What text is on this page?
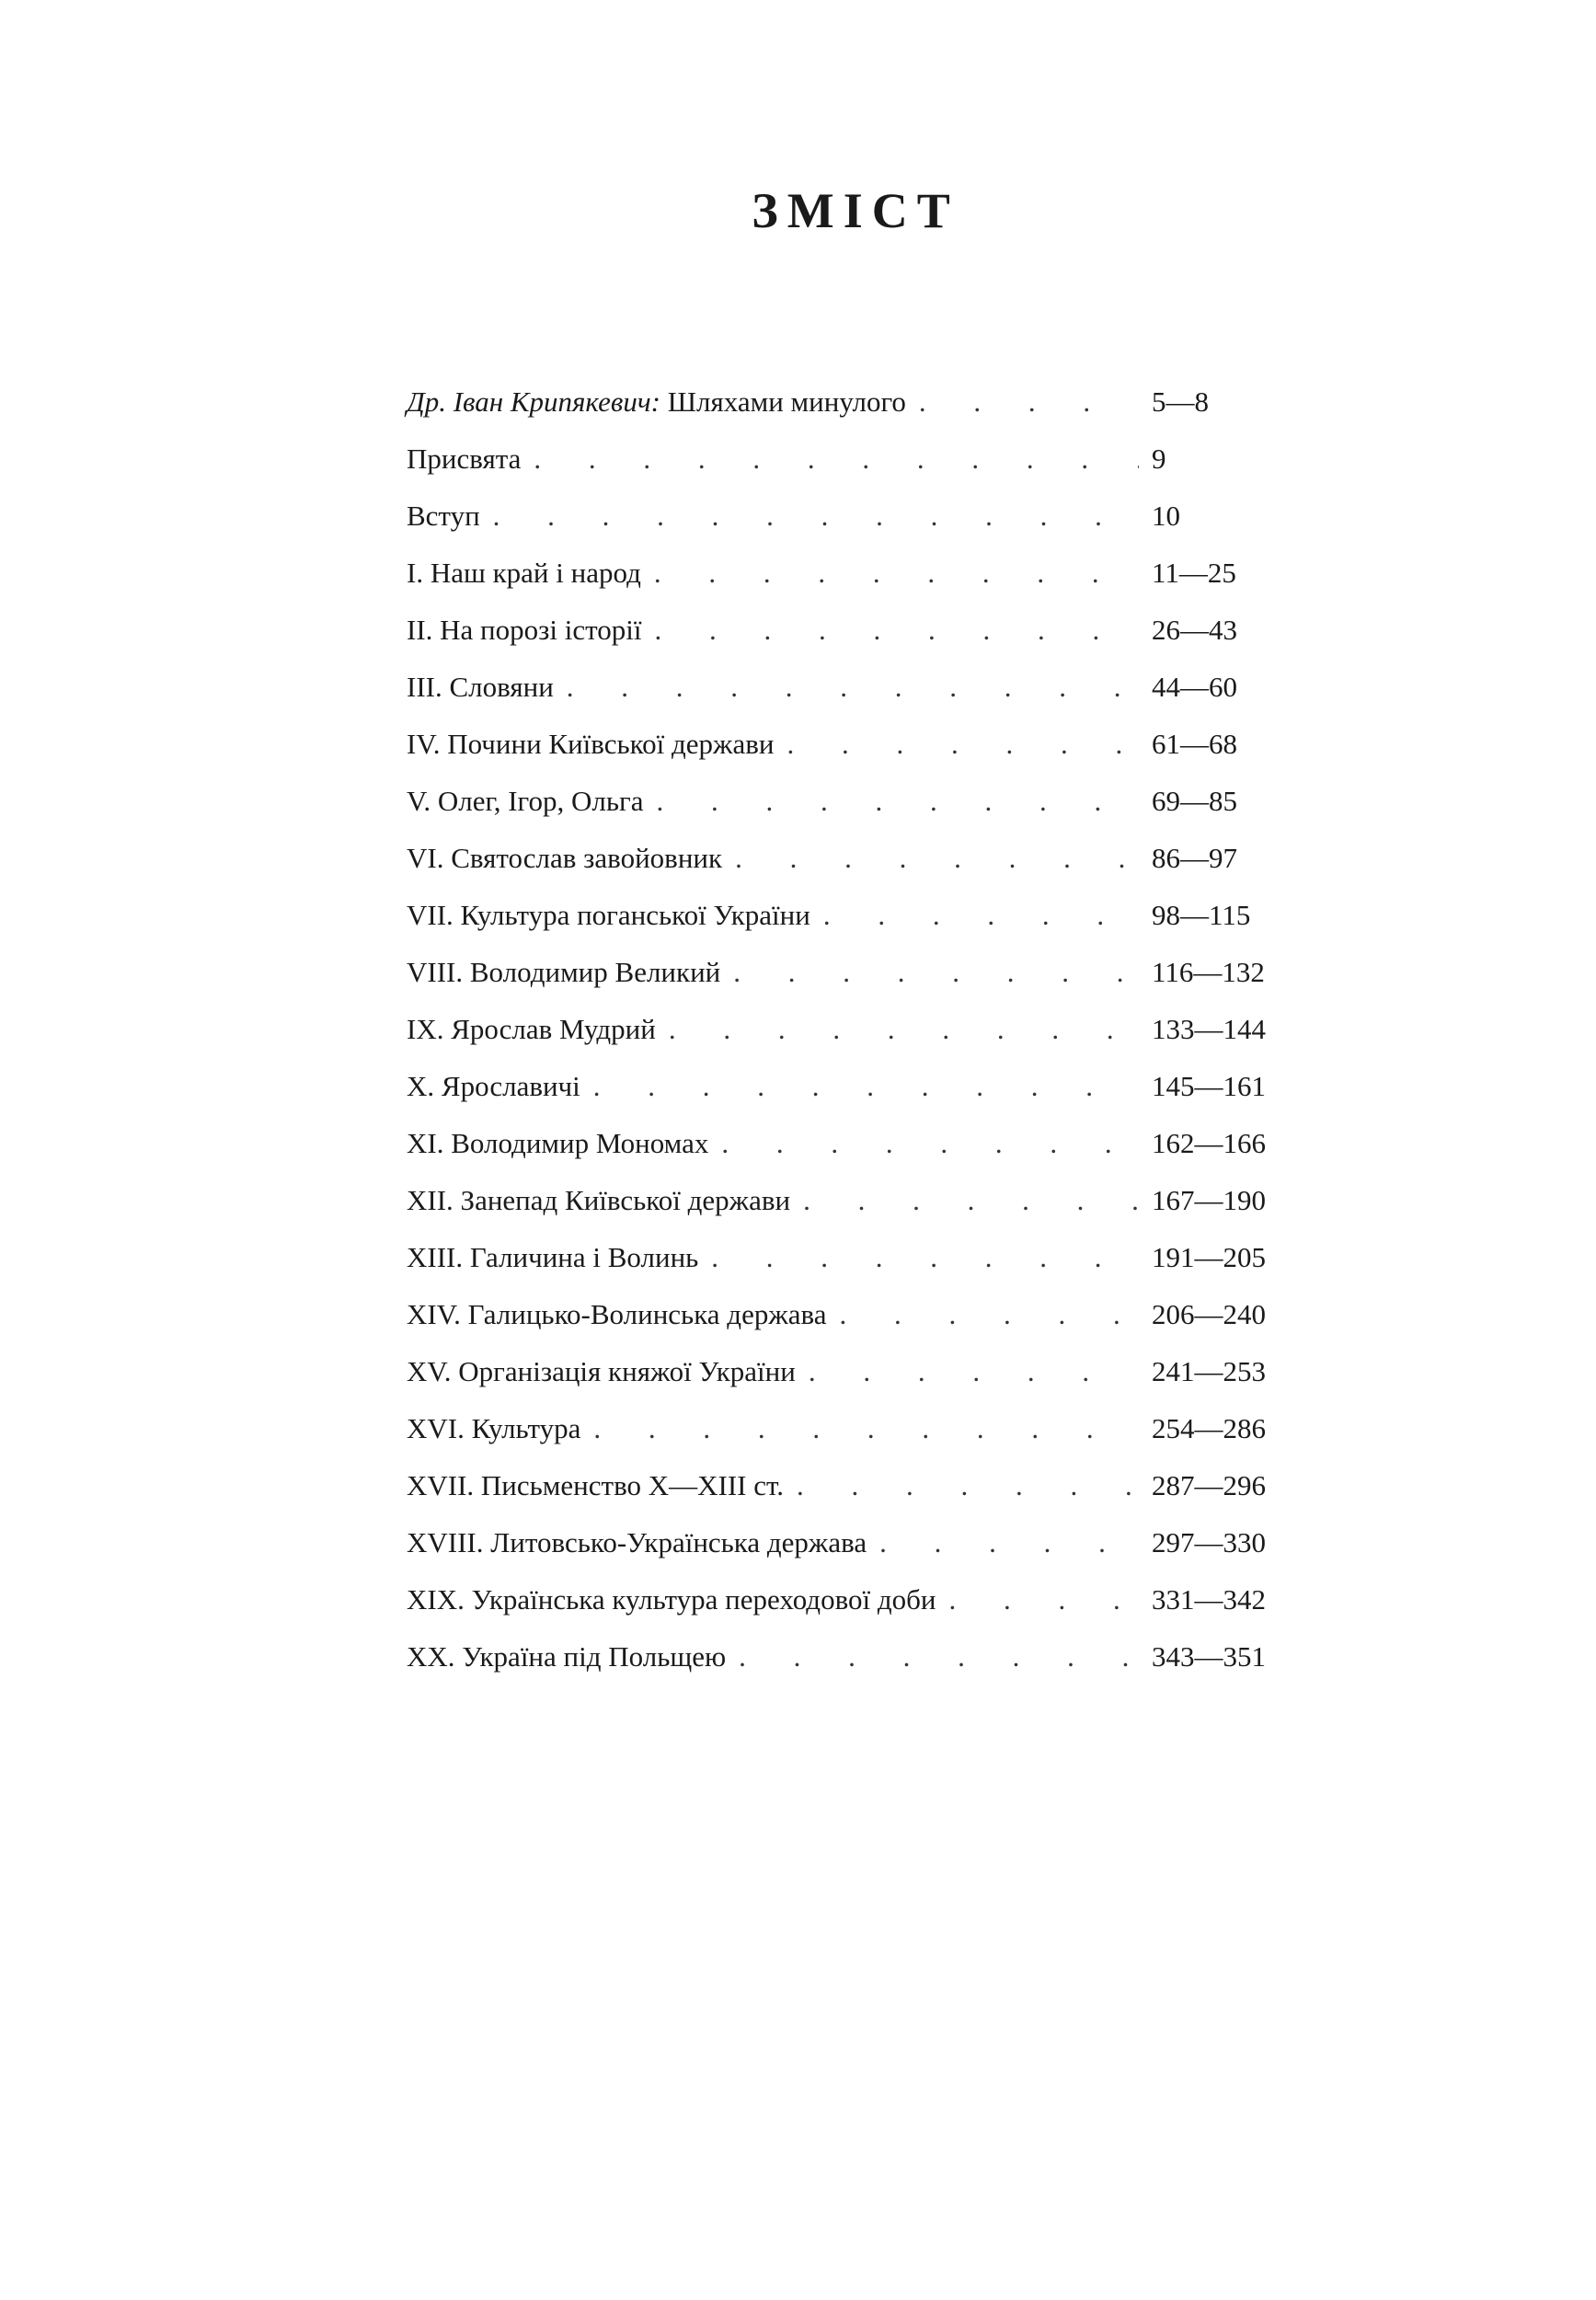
ЗМІСТ
Др. Іван Крипякевич: Шляхами минулого . . .	5—8
Присвята . . .	9
Вступ . . .	10
I. Наш край і народ . . .	11—25
II. На порозі історії . . .	26—43
III. Словяни . . .	44—60
IV. Почини Київської держави . . .	61—68
V. Олег, Ігор, Ольга . . .	69—85
VI. Святослав завойовник . . .	86—97
VII. Культура поганської України . . .	98—115
VIII. Володимир Великий . . .	116—132
IX. Ярослав Мудрий . . .	133—144
X. Ярославичі . . .	145—161
XI. Володимир Мономах . . .	162—166
XII. Занепад Київської держави . . .	167—190
XIII. Галичина і Волинь . . .	191—205
XIV. Галицько-Волинська держава . . .	206—240
XV. Організація княжої України . . .	241—253
XVI. Культура . . .	254—286
XVII. Письменство X—XIII ст. . . .	287—296
XVIII. Литовсько-Українська держава . . .	297—330
XIX. Українська культура переходової доби . . .	331—342
XX. Україна під Польщею . . .	343—351
